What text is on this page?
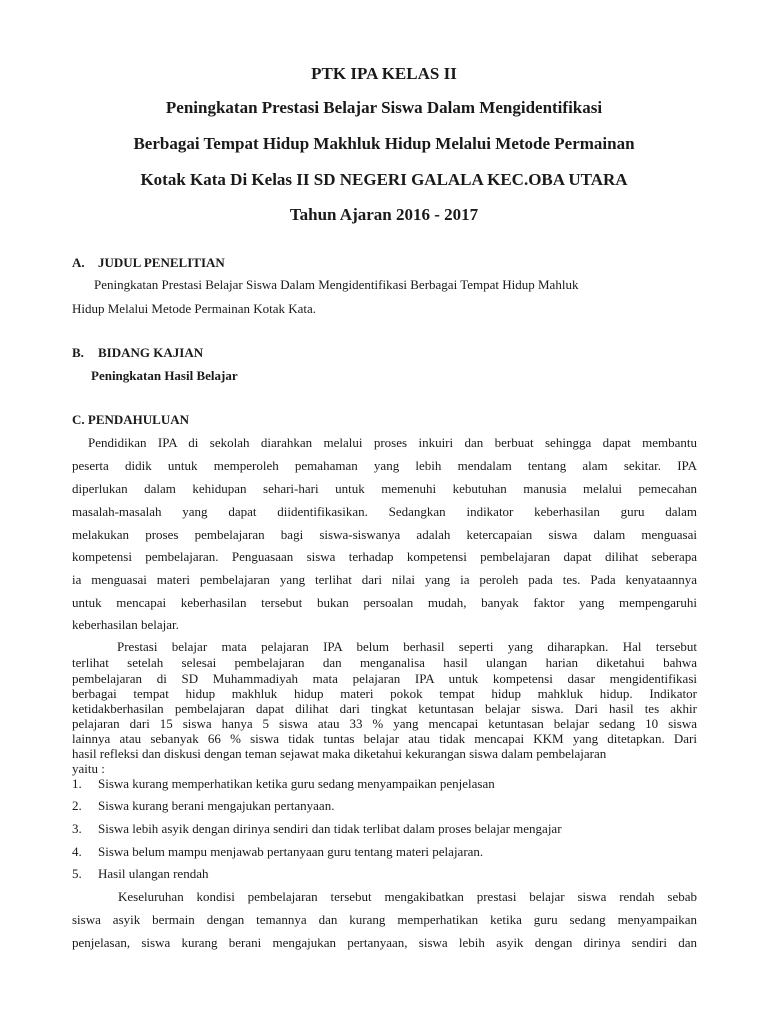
PTK IPA KELAS II
Peningkatan Prestasi Belajar Siswa Dalam Mengidentifikasi
Berbagai Tempat Hidup Makhluk Hidup Melalui Metode Permainan
Kotak Kata Di Kelas II SD NEGERI GALALA KEC.OBA UTARA
Tahun Ajaran 2016 - 2017
A. JUDUL PENELITIAN
Peningkatan Prestasi Belajar Siswa Dalam Mengidentifikasi Berbagai Tempat Hidup Mahluk
Hidup Melalui Metode Permainan Kotak Kata.
B. BIDANG KAJIAN
Peningkatan Hasil Belajar
C. PENDAHULUAN
Pendidikan IPA di sekolah diarahkan melalui proses inkuiri dan berbuat sehingga dapat membantu
peserta didik untuk memperoleh pemahaman yang lebih mendalam tentang alam sekitar. IPA
diperlukan dalam kehidupan sehari-hari untuk memenuhi kebutuhan manusia melalui pemecahan
masalah-masalah yang dapat diidentifikasikan. Sedangkan indikator keberhasilan guru dalam
melakukan proses pembelajaran bagi siswa-siswanya adalah ketercapaian siswa dalam menguasai
kompetensi pembelajaran. Penguasaan siswa terhadap kompetensi pembelajaran dapat dilihat seberapa
ia menguasai materi pembelajaran yang terlihat dari nilai yang ia peroleh pada tes. Pada kenyataannya
untuk mencapai keberhasilan tersebut bukan persoalan mudah, banyak faktor yang mempengaruhi
keberhasilan belajar.
Prestasi belajar mata pelajaran IPA belum berhasil seperti yang diharapkan. Hal tersebut
terlihat setelah selesai pembelajaran dan menganalisa hasil ulangan harian diketahui bahwa
pembelajaran di SD Muhammadiyah mata pelajaran IPA untuk kompetensi dasar mengidentifikasi
berbagai tempat hidup makhluk hidup materi pokok tempat hidup mahkluk hidup. Indikator
ketidakberhasilan pembelajaran dapat dilihat dari tingkat ketuntasan belajar siswa. Dari hasil tes akhir
pelajaran dari 15 siswa hanya 5 siswa atau 33 % yang mencapai ketuntasan belajar sedang 10 siswa
lainnya atau sebanyak 66 % siswa tidak tuntas belajar atau tidak mencapai KKM yang ditetapkan. Dari
hasil refleksi dan diskusi dengan teman sejawat maka diketahui kekurangan siswa dalam pembelajaran
yaitu :
1. Siswa kurang memperhatikan ketika guru sedang menyampaikan penjelasan
2. Siswa kurang berani mengajukan pertanyaan.
3. Siswa lebih asyik dengan dirinya sendiri dan tidak terlibat dalam proses belajar mengajar
4. Siswa belum mampu menjawab pertanyaan guru tentang materi pelajaran.
5. Hasil ulangan rendah
Keseluruhan kondisi pembelajaran tersebut mengakibatkan prestasi belajar siswa rendah sebab
siswa asyik bermain dengan temannya dan kurang memperhatikan ketika guru sedang menyampaikan
penjelasan, siswa kurang berani mengajukan pertanyaan, siswa lebih asyik dengan dirinya sendiri dan
